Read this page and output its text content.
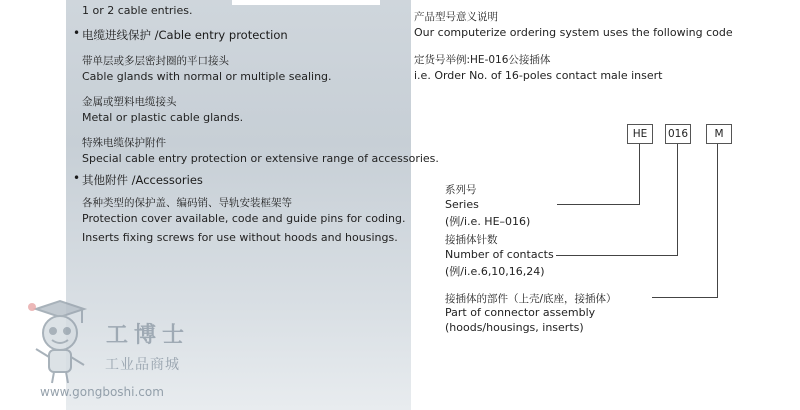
1 or 2 cable entries.
• 电缆进线保护 /Cable entry protection
带单层或多层密封圈的平口接头
Cable glands with normal or multiple sealing.
金属或塑料电缆接头
Metal or plastic cable glands.
特殊电缆保护附件
Special cable entry protection or extensive range of accessories.
• 其他附件 /Accessories
各种类型的保护盖、编码销、导轨安装框架等
Protection cover available, code and guide pins for coding.
Inserts fixing screws for use without hoods and housings.
工博士
工业品商城
www.gongboshi.com
产品型号意义说明
Our computerize ordering system uses the following code
定货号举例:HE-016公接插体
i.e. Order No. of 16-poles contact male insert
HE	016	M
系列号
Series
(例/i.e. HE–016)
接插体针数
Number of contacts
(例/i.e.6,10,16,24)
接插体的部件（上壳/底座，接插体）
Part of connector assembly
(hoods/housings, inserts)
